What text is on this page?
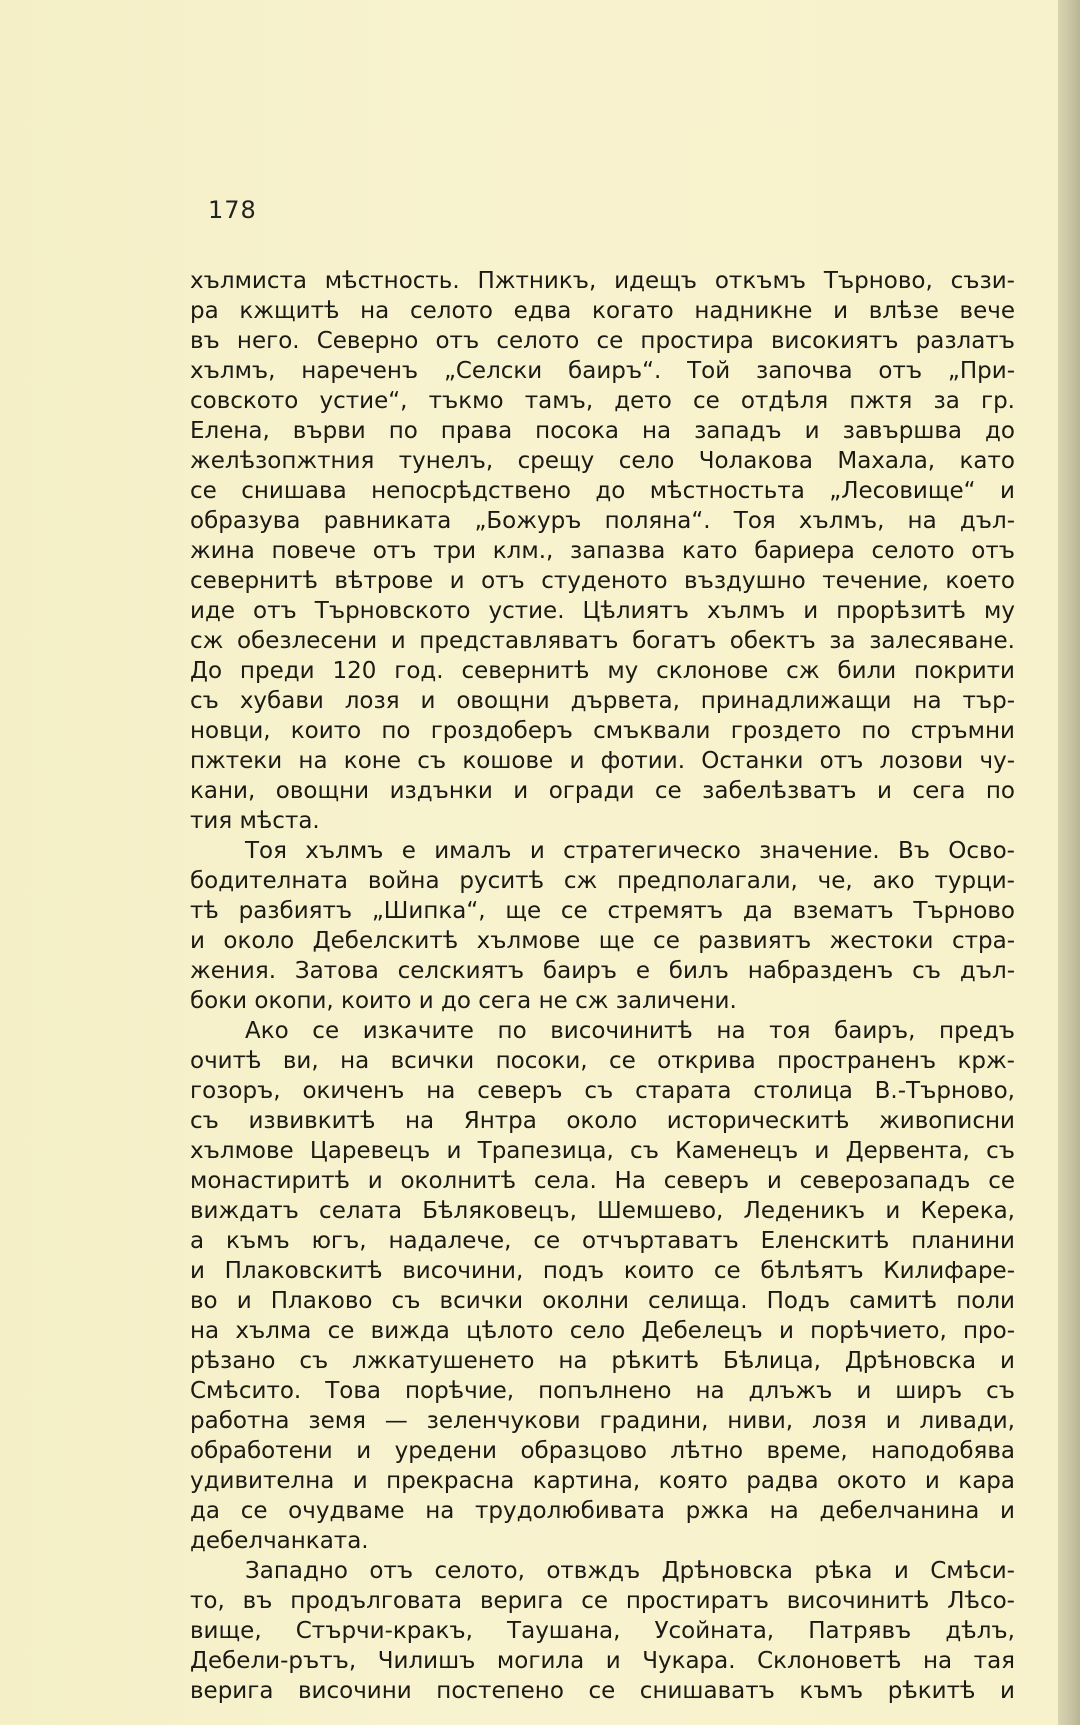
178
хълмиста мѣстность. Пжтникъ, идещъ откъмъ Търново, съзи-
ра кжщитѣ на селото едва когато надникне и влѣзе вече
въ него. Северно отъ селото се простира високиятъ разлатъ
хълмъ, нареченъ „Селски баиръ“. Той започва отъ „При-
совското устие“, тъкмо тамъ, дето се отдѣля пжтя за гр.
Елена, върви по права посока на западъ и завършва до
желѣзопжтния тунелъ, срещу село Чолакова Махала, като
се снишава непосрѣдствено до мѣстностьта „Лесовище“ и
образува равниката „Божуръ поляна“. Тоя хълмъ, на дъл-
жина повече отъ три клм., запазва като бариера селото отъ
севернитѣ вѣтрове и отъ студеното въздушно течение, което
иде отъ Търновското устие. Цѣлиятъ хълмъ и прорѣзитѣ му
сж обезлесени и представляватъ богатъ обектъ за залесяване.
До преди 120 год. севернитѣ му склонове сж били покрити
съ хубави лозя и овощни дървета, принадлижащи на тър-
новци, които по гроздоберъ смъквали гроздето по стръмни
пжтеки на коне съ кошове и фотии. Останки отъ лозови чу-
кани, овощни издънки и огради се забелѣзватъ и сега по
тия мѣста.
Тоя хълмъ е ималъ и стратегическо значение. Въ Осво-
бодителната война руситѣ сж предполагали, че, ако турци-
тѣ разбиятъ „Шипка“, ще се стремятъ да взематъ Търново
и около Дебелскитѣ хълмове ще се развиятъ жестоки стра-
жения. Затова селскиятъ баиръ е билъ набразденъ съ дъл-
боки окопи, които и до сега не сж заличени.
Ако се изкачите по височинитѣ на тоя баиръ, предъ
очитѣ ви, на всички посоки, се открива пространенъ крж-
гозоръ, окиченъ на северъ съ старата столица В.-Търново,
съ извивкитѣ на Янтра около историческитѣ живописни
хълмове Царевецъ и Трапезица, съ Каменецъ и Дервента, съ
монастиритѣ и околнитѣ села. На северъ и северозападъ се
виждатъ селата Бѣляковецъ, Шемшево, Леденикъ и Керека,
а къмъ югъ, надалече, се отчъртаватъ Еленскитѣ планини
и Плаковскитѣ височини, подъ които се бѣлѣятъ Килифаре-
во и Плаково съ всички околни селища. Подъ самитѣ поли
на хълма се вижда цѣлото село Дебелецъ и порѣчието, про-
рѣзано съ лжкатушенето на рѣкитѣ Бѣлица, Дрѣновска и
Смѣсито. Това порѣчие, попълнено на длъжъ и ширъ съ
работна земя — зеленчукови градини, ниви, лозя и ливади,
обработени и уредени образцово лѣтно време, наподобява
удивителна и прекрасна картина, която радва окото и кара
да се очудваме на трудолюбивата ржка на дебелчанина и
дебелчанката.
Западно отъ селото, отвждъ Дрѣновска рѣка и Смѣси-
то, въ продълговата верига се простиратъ височинитѣ Лѣсо-
вище, Стърчи-кракъ, Таушана, Усойната, Патрявъ дѣлъ,
Дебели-рътъ, Чилишъ могила и Чукара. Склоноветѣ на тая
верига височини постепено се снишаватъ къмъ рѣкитѣ и
